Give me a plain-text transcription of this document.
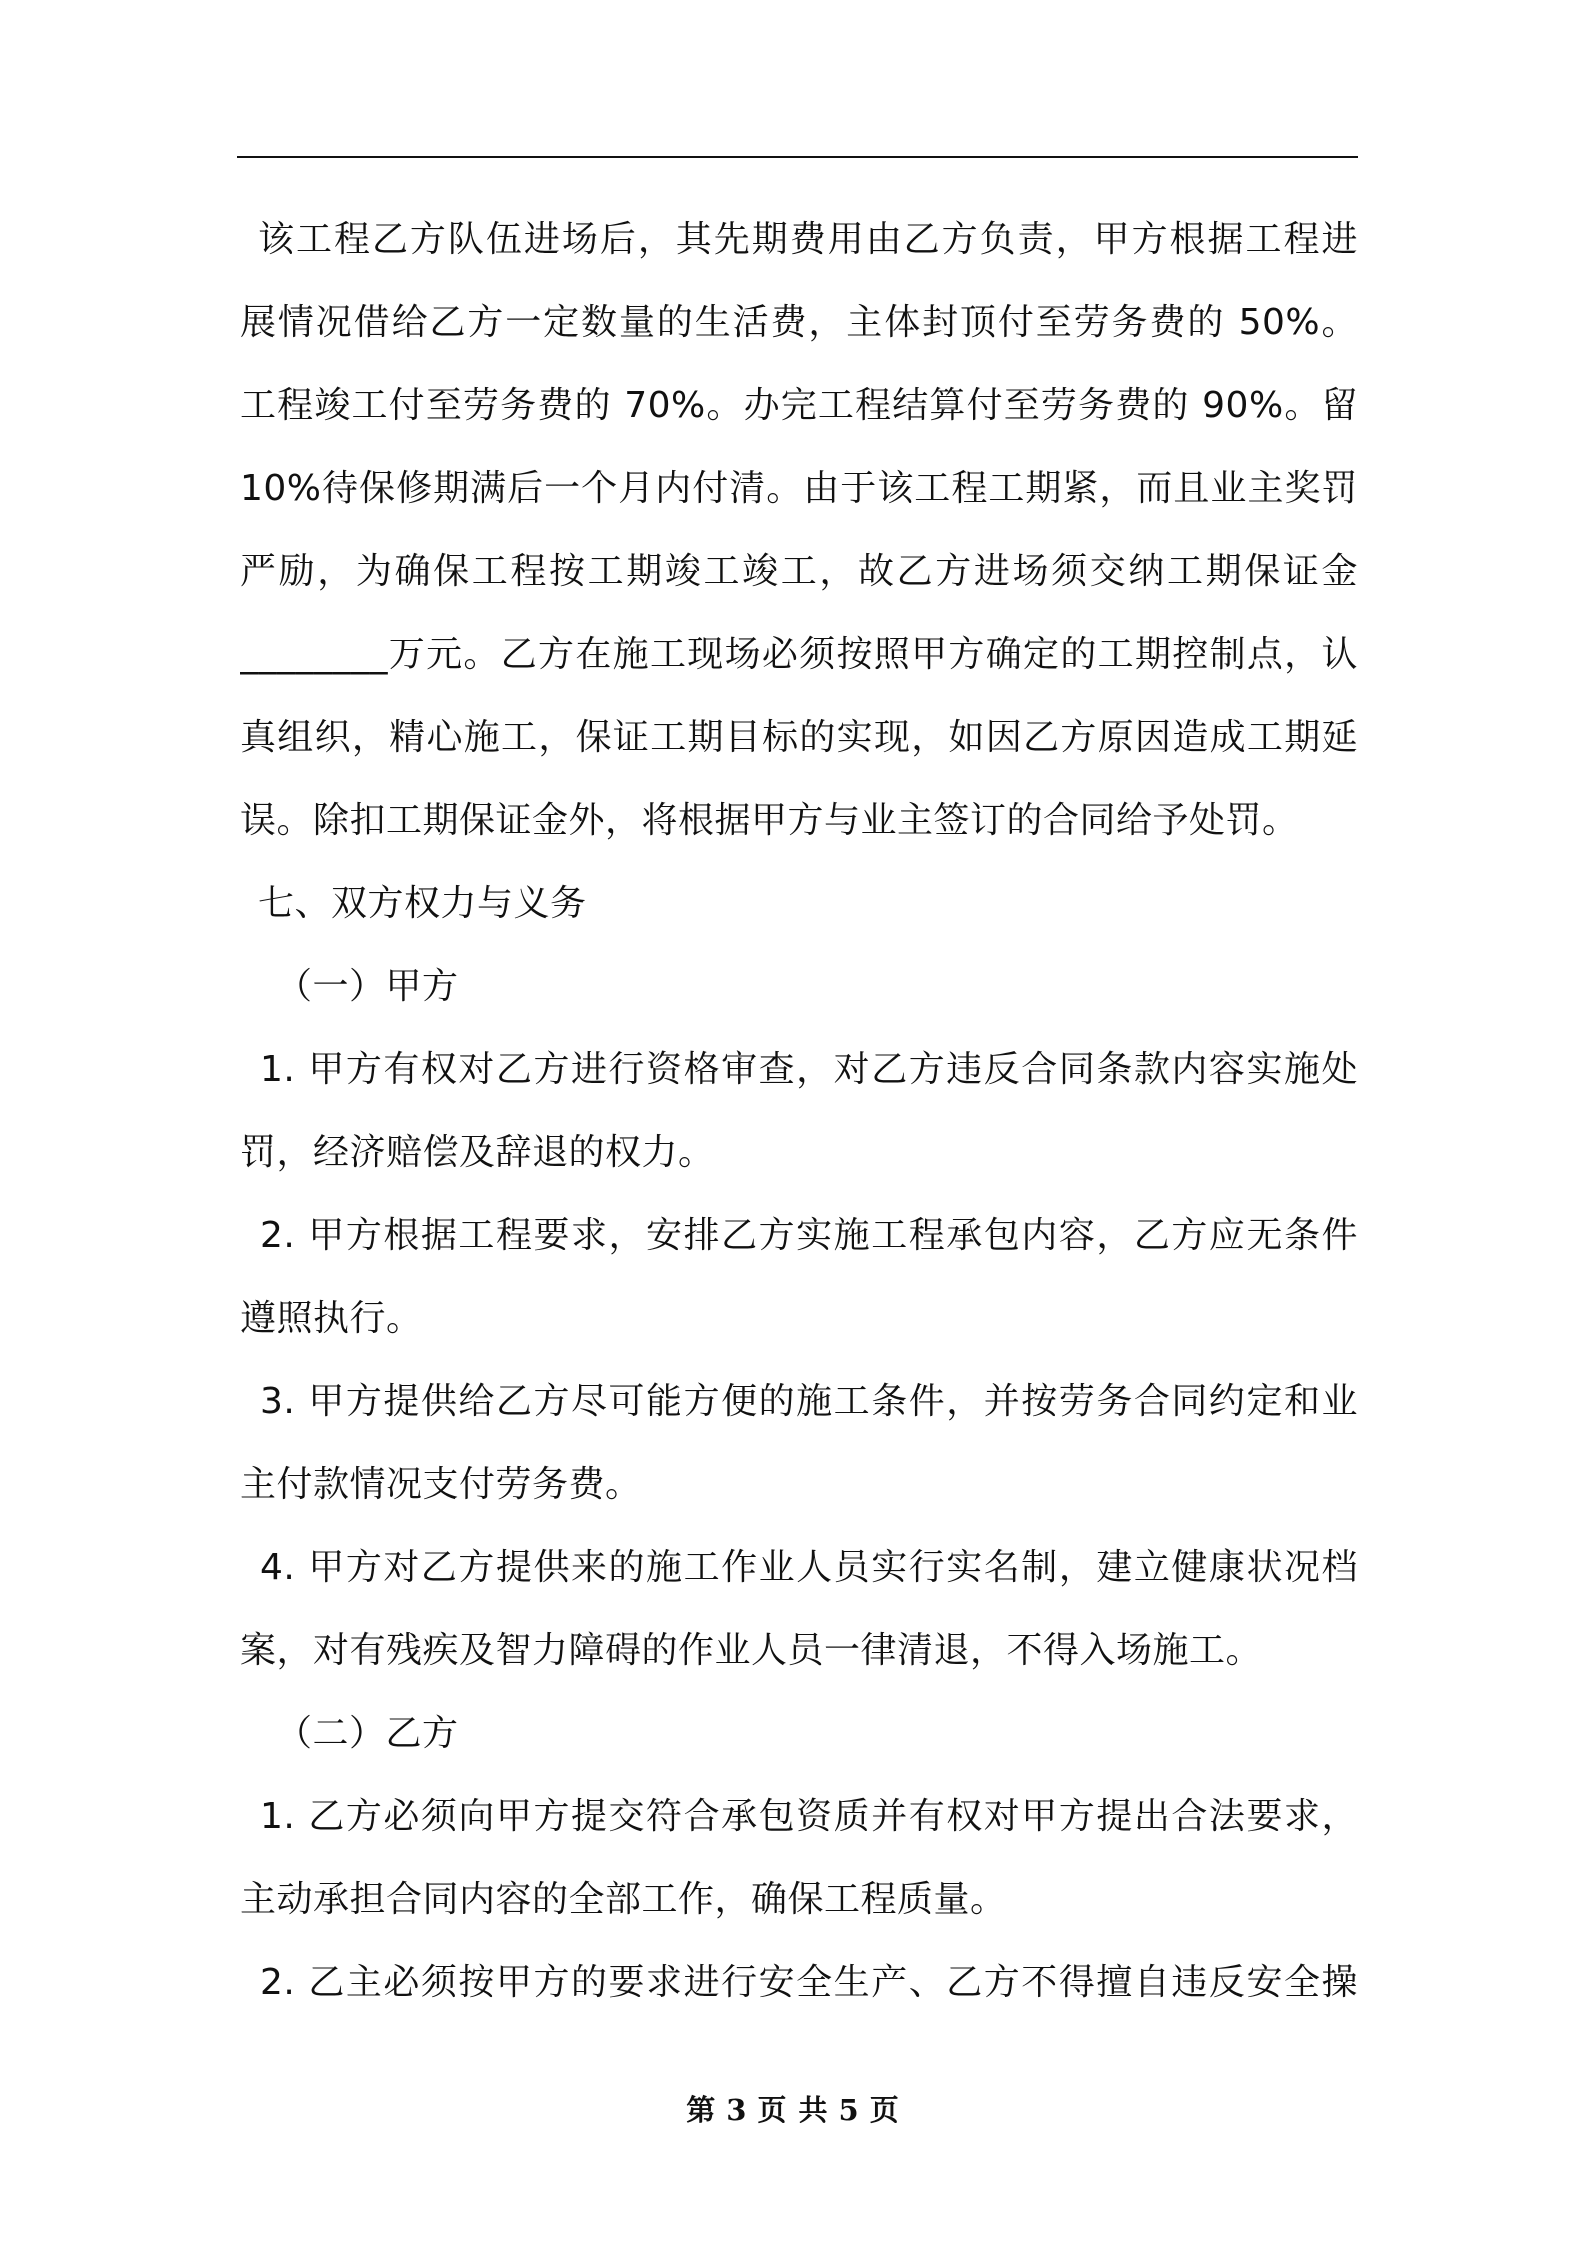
该工程乙方队伍进场后，其先期费用由乙方负责，甲方根据工程进
展情况借给乙方一定数量的生活费，主体封顶付至劳务费的 50%。
工程竣工付至劳务费的 70%。办完工程结算付至劳务费的 90%。留
10%待保修期满后一个月内付清。由于该工程工期紧，而且业主奖罚
严励，为确保工程按工期竣工竣工，故乙方进场须交纳工期保证金
________万元。乙方在施工现场必须按照甲方确定的工期控制点，认
真组织，精心施工，保证工期目标的实现，如因乙方原因造成工期延
误。除扣工期保证金外，将根据甲方与业主签订的合同给予处罚。
七、双方权力与义务
（一）甲方
1. 甲方有权对乙方进行资格审查，对乙方违反合同条款内容实施处
罚，经济赔偿及辞退的权力。
2. 甲方根据工程要求，安排乙方实施工程承包内容，乙方应无条件
遵照执行。
3. 甲方提供给乙方尽可能方便的施工条件，并按劳务合同约定和业
主付款情况支付劳务费。
4. 甲方对乙方提供来的施工作业人员实行实名制，建立健康状况档
案，对有残疾及智力障碍的作业人员一律清退，不得入场施工。
（二）乙方
1. 乙方必须向甲方提交符合承包资质并有权对甲方提出合法要求，
主动承担合同内容的全部工作，确保工程质量。
2. 乙主必须按甲方的要求进行安全生产、乙方不得擅自违反安全操
第 3 页 共 5 页
